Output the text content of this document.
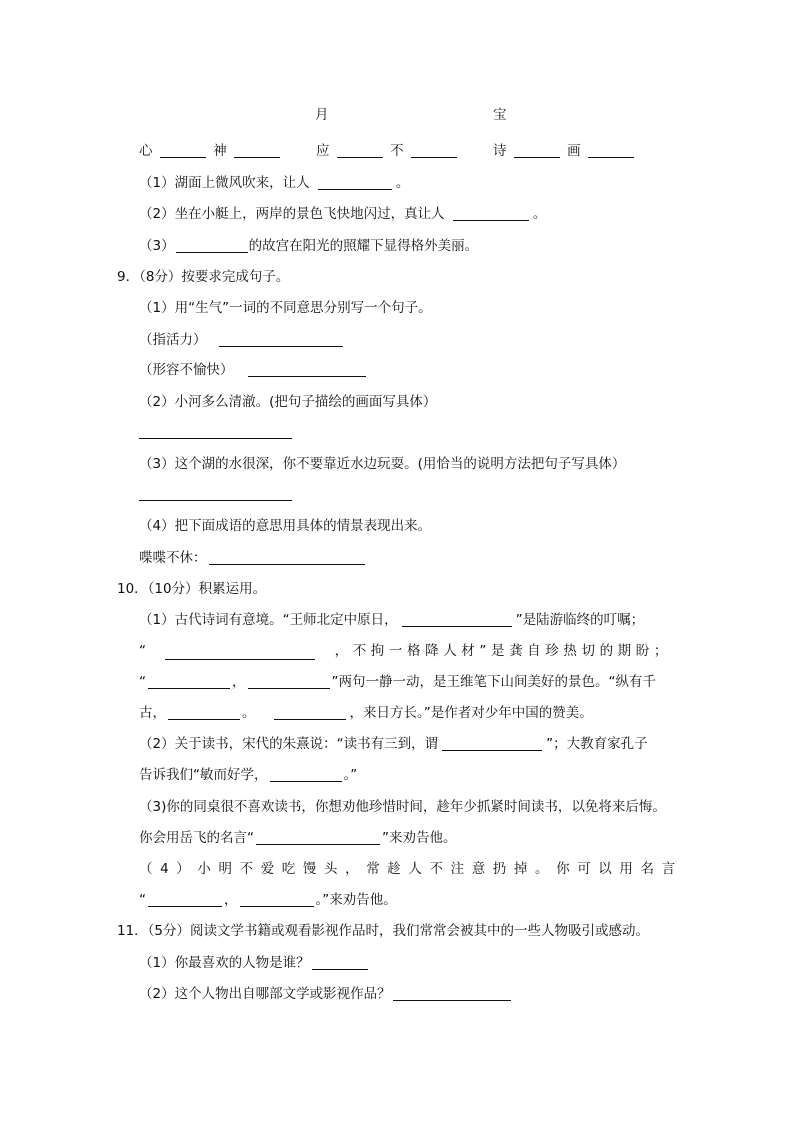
月	宝
心	神	应	不	诗	画
（1）湖面上微风吹来，让人	。
（2）坐在小艇上，两岸的景色飞快地闪过，真让人	。
（3）	的故宫在阳光的照耀下显得格外美丽。
9．（8分）按要求完成句子。
（1）用“生气”一词的不同意思分别写一个句子。
（指活力）
（形容不愉快）
（2）小河多么清澈。(把句子描绘的画面写具体）
（3）这个湖的水很深，你不要靠近水边玩耍。(用恰当的说明方法把句子写具体）
（4）把下面成语的意思用具体的情景表现出来。
喋喋不休：
10．（10分）积累运用。
（1）古代诗词有意境。“王师北定中原日，	”是陆游临终的叮嘱；
“	，不拘一格降人材”是龚自珍热切的期盼；
“	，	”两句一静一动，是王维笔下山间美好的景色。“纵有千
古，	。	，来日方长。”是作者对少年中国的赞美。
（2）关于读书，宋代的朱熹说：“读书有三到，谓	”；大教育家孔子
告诉我们“敏而好学，	。”
（3)你的同桌很不喜欢读书，你想劝他珍惜时间，趁年少抓紧时间读书，以免将来后悔。
你会用岳飞的名言“	”来劝告他。
（4）小明不爱吃馒头，常趁人不注意扔掉。你可以用名言
“	，	。”来劝告他。
11．（5分）阅读文学书籍或观看影视作品时，我们常常会被其中的一些人物吸引或感动。
（1）你最喜欢的人物是谁？
（2）这个人物出自哪部文学或影视作品？
